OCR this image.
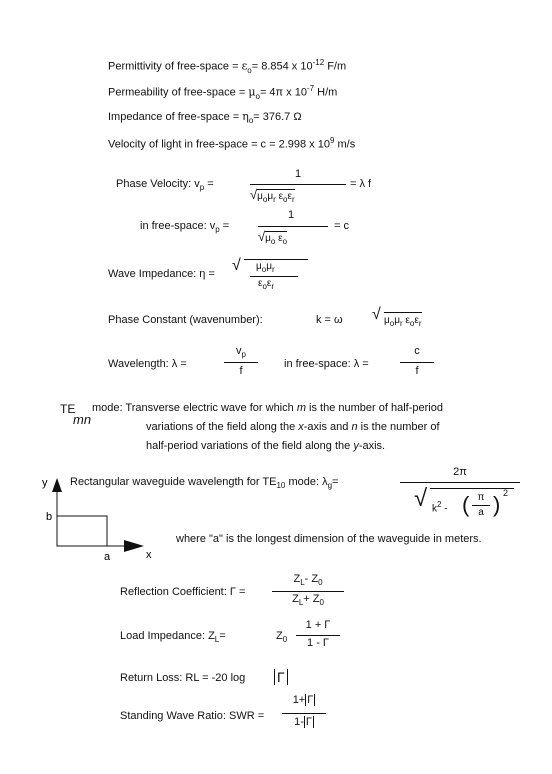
Permittivity of free-space = $\varepsilon_o= 8.854$ x $10^{-12}$ F/m
Permeability of free-space = $\mu_o= 4\pi$ x $10^{-7}$ H/m
Impedance of free-space = $\eta_o= 376.7$ Ω
Velocity of light in free-space = c = 2.998 x $10^9$ m/s
Phase Velocity: $v_p$ =
1
$√\mu_o\mu_r$ $\varepsilon_o\varepsilon_r$
= λ f
in free-space: $v_p$ =
1
$√\mu_o$ $\varepsilon_o$
= c
Wave Impedance: η = √ $\mu_o\mu_r$
$\varepsilon_o\varepsilon_r$
Phase Constant (wavenumber):	k = ω √ $\mu_o\mu_r$ $\varepsilon_o\varepsilon_r$
Wavelength: λ =
$v_p$
f
in free-space: λ =
c
f
TE
mn
mode: Transverse electric wave for which m is the number of half-period
variations of the field along the x-axis and n is the number of
half-period variations of the field along the y-axis.
y
b
a	x
Rectangular waveguide wavelength for $TE_{10}$ mode: $\lambda_g=$
2π
√ $k^2$ - ( π
a ) 2
where "a" is the longest dimension of the waveguide in meters.
Reflection Coefficient: Γ =
$Z_L-$ $Z_0$
$Z_L+ Z_0$
Load Impedance: $Z_L=$	$Z_0$
1 + Γ
1 - Γ
Return Loss: RL = -20 log Γ
Standing Wave Ratio: SWR =
1+ Γ
1- Γ
